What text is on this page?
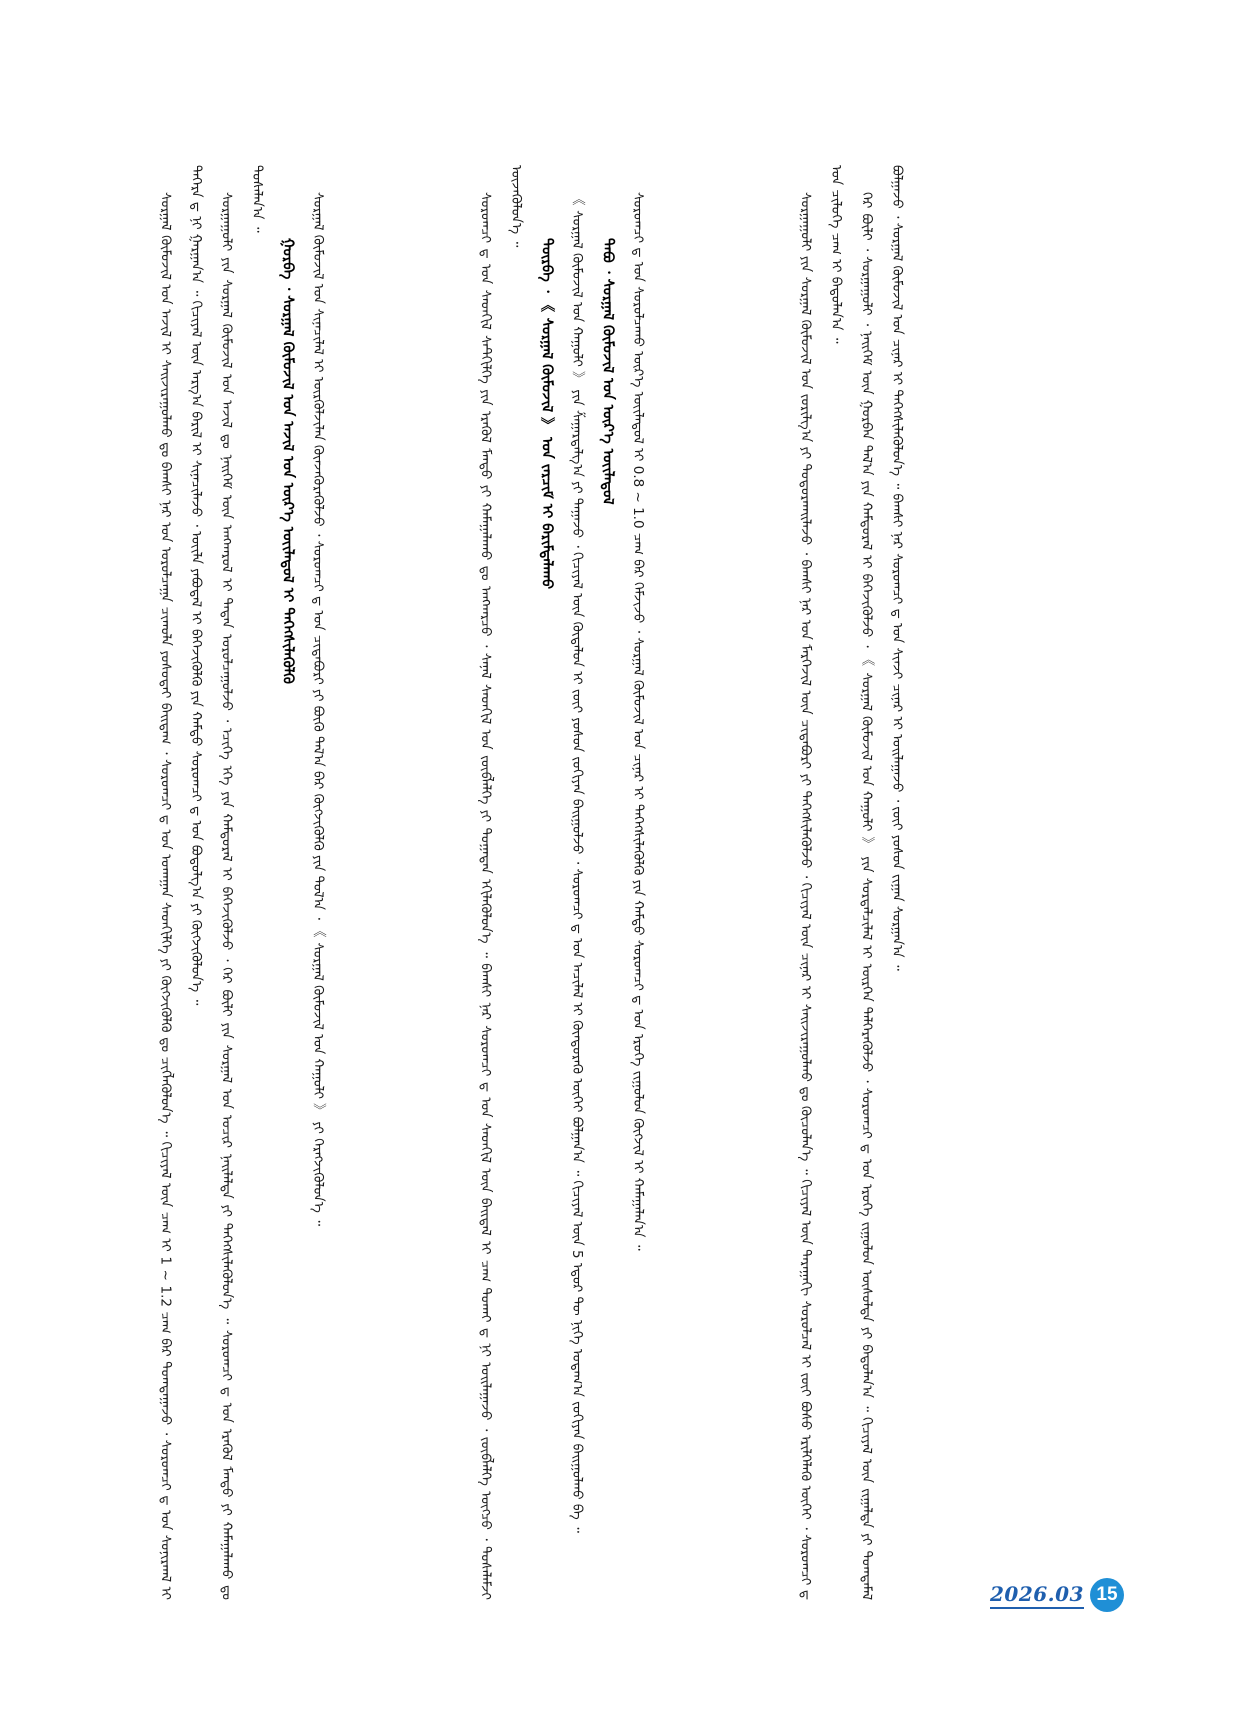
ᠰᠤᠷᠭᠠᠯ ᠬᠦᠮᠦᠵᠢᠯ ᠤᠨ ᠠᠵᠢᠯ ᠢ ᠰᠠᠢᠵᠢᠷᠠᠭᠤᠯᠬᠤ ᠳᠤ ᠪᠠᠭᠰᠢ ᠨᠠᠷ ᠤᠨ ᠤᠷᠤᠯᠴᠠᠭᠠ ᠴᠢᠬᠤᠯᠠ ᠶᠤᠰᠤᠳᠠᠢ ᠪᠠᠢᠳᠠᠭ ᠂ ᠰᠤᠷᠤᠭᠴᠢ ᠳ ᠤᠨ ᠤᠬᠠᠭᠠᠨ ᠰᠡᠳᠬᠢᠯᠭᠡ ᠶᠢ ᠬᠦᠭᠵᠢᠭᠦᠯᠬᠦ ᠳᠤ ᠴᠢᠭᠯᠡᠭᠦᠯᠦᠨ᠎ᠡ ᠃ ᠬᠢᠴᠢᠶᠡᠯ ᠦᠨ ᠴᠠᠭ ᠢ 1 ~ 1.2 ᠴᠠᠭ ᠪᠠᠷ ᠲᠤᠭᠲᠠᠭᠠᠵᠤ ᠂ ᠰᠤᠷᠤᠭᠴᠢ ᠳ ᠤᠨ ᠰᠤᠨᠢᠷᠬᠠᠯ ᠢ ᠳᠡᠭᠡᠷᠡ ᠳ ᠨᠢ ᠭᠠᠷᠭᠠᠨ᠎ᠠ ᠃ ᠬᠢᠴᠢᠶᠡᠯ ᠦᠨ ᠠᠷᠭ᠎ᠠ ᠪᠠᠷᠢᠯ ᠢ ᠰᠢᠨᠡᠴᠢᠯᠡᠵᠦ ᠂ ᠦᠢᠯᠡ ᠶᠠᠪᠤᠳᠠᠯ ᠢ ᠪᠡᠬᠡᠵᠢᠭᠦᠯᠬᠦ ᠶᠢᠨ ᠬᠠᠮᠲᠤ ᠰᠤᠷᠤᠭᠴᠢ ᠳ ᠤᠨ ᠪᠤᠳᠤᠯᠭ᠎ᠠ ᠶᠢ ᠬᠦᠭᠵᠢᠭᠦᠯᠦᠨ᠎ᠡ ᠃	ᠰᠤᠷᠭᠠᠭᠤᠯᠢ ᠶᠢᠨ ᠰᠤᠷᠭᠠᠯ ᠬᠦᠮᠦᠵᠢᠯ ᠤᠨ ᠠᠵᠢᠯ ᠳᠤ ᠨᠡᠢᠭᠡᠮ ᠦᠨ ᠠᠩᠬᠠᠷᠤᠯ ᠢ ᠲᠠᠲᠠᠨ ᠣᠷᠣᠯᠴᠠᠭᠤᠯᠵᠤ ᠂ ᠡᠴᠢᠭᠡ ᠡᠬᠡ ᠶᠢᠨ ᠬᠠᠮᠲᠤᠷᠠᠯ ᠢ ᠪᠡᠬᠡᠵᠢᠭᠦᠯᠵᠦ ᠂ ᠭᠡᠷ ᠪᠦᠯᠢ ᠶᠢᠨ ᠰᠤᠷᠭᠠᠯ ᠤᠨ ᠤᠴᠢᠷ ᠨᠡᠢᠯᠡᠯᠲᠡ ᠶᠢ ᠳᠡᠭᠡᠭᠰᠢᠯᠡᠭᠦᠯᠦᠨ᠎ᠡ ᠃ ᠰᠤᠷᠤᠭᠴᠢ ᠳ ᠤᠨ ᠡᠷᠡᠬᠦᠯ ᠮᠡᠨᠳᠦ ᠶᠢ ᠬᠠᠮᠠᠭᠠᠯᠠᠬᠤ ᠳᠤ ᠲᠤᠰᠠᠯᠠᠨ᠎ᠠ ᠃
ᠭᠤᠷᠪᠠ ᠂ ᠰᠤᠷᠭᠠᠯ ᠬᠦᠮᠦᠵᠢᠯ ᠤᠨ ᠠᠵᠢᠯ ᠤᠨ ᠦᠷ᠎ᠡ ᠦᠢᠯᠡᠳᠦᠯ ᠢ ᠳᠡᠭᠡᠭᠰᠢᠯᠡᠭᠦᠯᠬᠦ	ᠰᠤᠷᠭᠠᠯ ᠬᠦᠮᠦᠵᠢᠯ ᠤᠨ ᠰᠢᠨᠡᠴᠢᠯᠡᠯ ᠢ ᠦᠷᠭᠦᠯᠵᠢᠯᠡᠨ ᠭᠦᠨᠵᠡᠭᠦᠷᠡᠭᠦᠯᠵᠦ ᠂ ᠰᠤᠷᠤᠭᠴᠢ ᠳ ᠤᠨ ᠴᠢᠳᠠᠪᠤᠷᠢ ᠶᠢ ᠪᠦᠬᠦ ᠲᠠᠯ᠎ᠠ ᠪᠠᠷ ᠬᠦᠭᠵᠢᠭᠦᠯᠬᠦ ᠶᠢᠨ ᠲᠤᠯ᠎ᠠ ᠂ 《 ᠰᠤᠷᠭᠠᠯ ᠬᠦᠮᠦᠵᠢᠯ ᠤᠨ ᠬᠠᠭᠤᠯᠢ 》 ᠶᠢ ᠬᠡᠷᠡᠭᠵᠢᠭᠦᠯᠦᠨ᠎ᠡ ᠃	ᠰᠤᠷᠤᠭᠴᠢ ᠳ ᠤᠨ ᠰᠡᠳᠬᠢᠯ ᠰᠡᠲᠬᠢᠯᠭᠡ ᠶᠢᠨ ᠡᠷᠡᠭᠦᠯ ᠮᠡᠨᠳᠦ ᠶᠢ ᠬᠠᠮᠠᠭᠠᠯᠠᠬᠤ ᠳᠤ ᠠᠩᠬᠠᠷᠴᠤ ᠂ ᠰᠠᠨᠠᠯ ᠰᠡᠳᠬᠢᠯ ᠤᠨ ᠵᠦᠪᠯᠡᠯᠭᠡ ᠶᠢ ᠲᠤᠭᠠᠳᠠᠨ ᠡᠬᠢᠯᠡᠭᠦᠯᠦᠨ᠎ᠡ ᠃ ᠪᠠᠭᠰᠢ ᠨᠠᠷ ᠰᠤᠷᠤᠭᠴᠢ ᠳ ᠤᠨ ᠰᠡᠳᠬᠢᠯ ᠦᠨ ᠪᠠᠢᠳᠠᠯ ᠢ ᠴᠠᠭ ᠲᠤᠬᠠᠢ ᠳ ᠨᠢ ᠣᠢᠯᠠᠭᠠᠵᠤ ᠂ ᠵᠦᠪᠯᠡᠯᠭᠡ ᠦᠭᠴᠦ ᠂ ᠲᠤᠰᠠᠯᠠᠮᠵᠢ ᠦᠵᠡᠭᠦᠯᠦᠨ᠎ᠡ ᠃
ᠳᠦᠷᠪᠡ ᠂ 《 ᠰᠤᠷᠭᠠᠯ ᠬᠦᠮᠦᠵᠢᠯ 》 ᠤᠨ ᠵᠠᠷᠴᠢᠮ ᠢ ᠪᠠᠷᠢᠮᠲᠠᠯᠠᠬᠤ	《 ᠰᠤᠷᠭᠠᠯ ᠬᠦᠮᠦᠵᠢᠯ ᠤᠨ ᠬᠠᠭᠤᠯᠢ 》 ᠶᠢᠨ ᠱᠠᠭᠠᠷᠳᠠᠯᠭ᠎ᠠ ᠶᠢ ᠳᠠᠭᠠᠵᠤ ᠂ ᠬᠢᠴᠢᠶᠡᠯ ᠦᠨ ᠬᠦᠳᠡᠯᠦᠨ ᠢ ᠵᠦᠢ ᠶᠤᠰᠤᠨ ᠵᠤᠬᠢᠶᠠᠨ ᠪᠠᠢᠭᠤᠯᠵᠤ ᠂ ᠰᠤᠷᠤᠭᠴᠢ ᠳ ᠤᠨ ᠠᠴᠢᠯᠠᠯ ᠢ ᠬᠦᠨᠳᠦᠷᠡᠬᠦ ᠦᠭᠡᠢ ᠪᠤᠯᠭᠠᠨ᠎ᠠ ᠃ ᠬᠢᠴᠢᠶᠡᠯ ᠦᠨ 5 ᠡᠳᠦᠷ ᠲᠦ ᠨᠢᠭᠡ ᠤᠳᠠᠭ᠎ᠠ ᠵᠤᠬᠢᠶᠠᠨ ᠪᠠᠢᠭᠤᠯᠬᠤ ᠪᠠ ᠃	ᠲᠠᠪᠤ ᠂ ᠰᠤᠷᠭᠠᠯ ᠬᠦᠮᠦᠵᠢᠯ ᠤᠨ ᠦᠷ᠎ᠡ ᠦᠢᠯᠡᠳᠦᠯ	ᠰᠤᠷᠤᠭᠴᠢ ᠳ ᠤᠨ ᠰᠤᠷᠤᠯᠴᠠᠬᠤ ᠦᠷ᠎ᠡ ᠦᠢᠯᠡᠳᠦᠯ ᠢ 0.8 ~ 1.0 ᠴᠠᠭ ᠪᠠᠷ ᠬᠡᠮᠵᠢᠵᠦ ᠂ ᠰᠤᠷᠭᠠᠯ ᠬᠦᠮᠦᠵᠢᠯ ᠤᠨ ᠴᠢᠨᠠᠷ ᠢ ᠳᠡᠭᠡᠭᠰᠢᠯᠡᠭᠦᠯᠬᠦ ᠶᠢᠨ ᠬᠠᠮᠲᠤ ᠰᠤᠷᠤᠭᠴᠢ ᠳ ᠤᠨ ᠡᠷᠦᠬᠡ ᠵᠢᠭᠤᠯᠤᠨ ᠬᠦᠭᠵᠢᠯ ᠢ ᠬᠠᠮᠠᠭᠠᠯᠠᠨ᠎ᠠ ᠃	ᠰᠤᠷᠭᠠᠭᠤᠯᠢ ᠶᠢᠨ ᠰᠤᠷᠭᠠᠯ ᠬᠦᠮᠦᠵᠢᠯ ᠤᠨ ᠵᠤᠷᠢᠯᠭ᠎ᠠ ᠶᠢ ᠲᠣᠳᠣᠷᠬᠠᠢᠯᠠᠵᠤ ᠂ ᠪᠠᠭᠰᠢ ᠨᠠᠷ ᠤᠨ ᠮᠡᠷᠭᠡᠵᠢᠯ ᠦᠨ ᠴᠢᠳᠠᠪᠤᠷᠢ ᠶᠢ ᠳᠡᠭᠡᠭᠰᠢᠯᠡᠭᠦᠯᠵᠦ ᠂ ᠬᠢᠴᠢᠶᠡᠯ ᠦᠨ ᠴᠢᠨᠠᠷ ᠢ ᠰᠠᠢᠵᠢᠷᠠᠭᠤᠯᠬᠤ ᠳᠤ ᠬᠦᠴᠦᠯᠡᠨ᠎ᠡ ᠃ ᠬᠢᠴᠢᠶᠡᠯ ᠦᠨ ᠳᠠᠷᠠᠭᠠᠬᠢ ᠰᠤᠷᠤᠯᠴᠠᠯ ᠢ ᠵᠦᠢ ᠪᠤᠰᠤ ᠡᠷᠢᠯᠬᠡᠯᠡᠬᠦ ᠦᠭᠡᠢ ᠂ ᠰᠤᠷᠤᠭᠴᠢ ᠳ ᠤᠨ ᠴᠢᠯᠦᠭᠡ ᠴᠠᠭ ᠢ ᠪᠠᠲᠤᠯᠠᠨ᠎ᠠ ᠃	ᠭᠡᠷ ᠪᠦᠯᠢ ᠂ ᠰᠤᠷᠭᠠᠭᠤᠯᠢ ᠂ ᠨᠡᠢᠭᠡᠮ ᠦᠨ ᠭᠤᠷᠪᠠᠨ ᠲᠠᠯ᠎ᠠ ᠶᠢᠨ ᠬᠠᠮᠲᠤᠷᠠᠯ ᠢ ᠪᠡᠬᠡᠵᠢᠭᠦᠯᠵᠦ ᠂ 《 ᠰᠤᠷᠭᠠᠯ ᠬᠦᠮᠦᠵᠢᠯ ᠤᠨ ᠬᠠᠭᠤᠯᠢ 》 ᠶᠢᠨ ᠰᠤᠷᠲᠠᠯᠴᠢᠯᠠᠯ ᠢ ᠥᠷᠭᠡᠨ ᠳᠡᠯᠭᠡᠷᠡᠭᠦᠯᠵᠦ ᠂ ᠰᠤᠷᠤᠭᠴᠢ ᠳ ᠤᠨ ᠡᠷᠦᠬᠡ ᠵᠢᠭᠤᠯᠤᠨ ᠥᠰᠥᠯᠲᠡ ᠶᠢ ᠪᠠᠲᠤᠯᠠᠨ᠎ᠠ ᠃ ᠬᠢᠴᠢᠶᠡᠯ ᠦᠨ ᠵᠢᠭᠠᠯᠲᠠ ᠶᠢ ᠲᠣᠭᠲᠠᠮᠠᠯ ᠪᠣᠯᠭᠠᠵᠤ ᠂ ᠰᠤᠷᠭᠠᠯ ᠬᠦᠮᠦᠵᠢᠯ ᠤᠨ ᠴᠢᠨᠠᠷ ᠢ ᠳᠡᠭᠡᠭᠰᠢᠯᠡᠭᠦᠯᠦᠨ᠎ᠡ ᠃ ᠪᠠᠭᠰᠢ ᠨᠠᠷ ᠰᠤᠷᠤᠭᠴᠢ ᠳ ᠤᠨ ᠰᠢᠨᠵᠢ ᠴᠢᠨᠠᠷ ᠢ ᠣᠢᠯᠠᠭᠠᠵᠤ ᠂ ᠵᠦᠢ ᠶᠤᠰᠤᠨ ᠵᠢᠭᠠᠨ ᠰᠤᠷᠭᠠᠨ᠎ᠠ ᠃
2026.03 15
